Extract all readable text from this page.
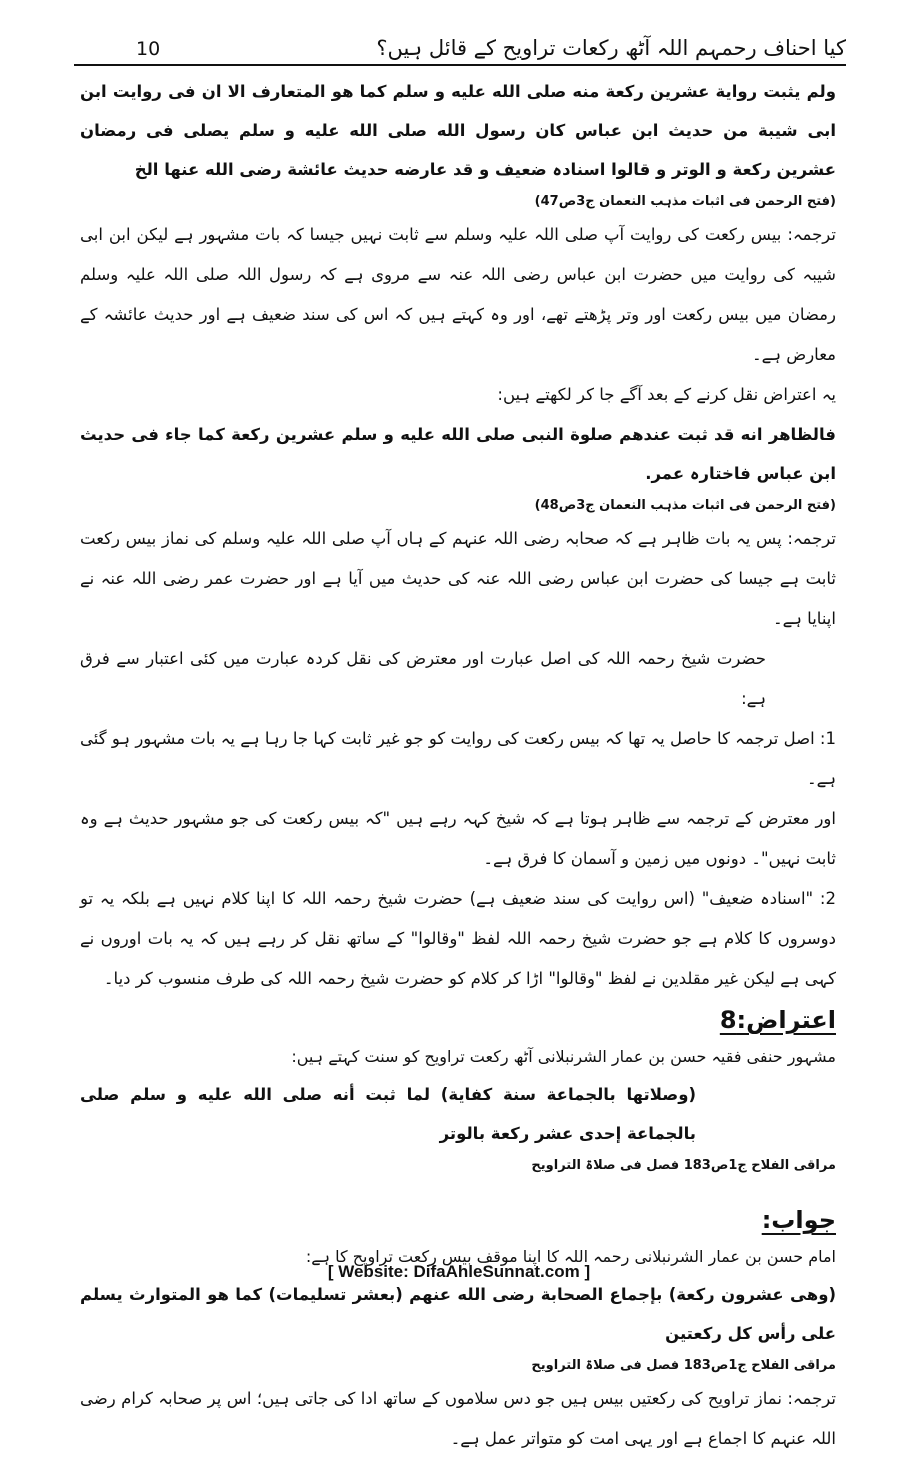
10	کیا احناف رحمہم اللہ آٹھ رکعات تراویح کے قائل ہیں؟

ولم یثبت روایة عشرین رکعة منه صلی الله علیه و سلم کما هو المتعارف الا ان فی روایت ابن ابی شیبة من حدیث ابن عباس کان رسول الله صلی الله علیه و سلم یصلی فی رمضان عشرین رکعة و الوتر و قالوا اسنادہ ضعیف و قد عارضه حدیث عائشة رضی الله عنها الخ

(فتح الرحمن فی اثبات مذہب النعمان ج3ص47)

ترجمہ: بیس رکعت کی روایت آپ صلی اللہ علیہ وسلم سے ثابت نہیں جیسا کہ بات مشہور ہے لیکن ابن ابی شیبہ کی روایت میں حضرت ابن عباس رضی اللہ عنہ سے مروی ہے کہ رسول اللہ صلی اللہ علیہ وسلم رمضان میں بیس رکعت اور وتر پڑھتے تھے، اور وہ کہتے ہیں کہ اس کی سند ضعیف ہے اور حدیث عائشہ کے معارض ہے۔

یہ اعتراض نقل کرنے کے بعد آگے جا کر لکھتے ہیں:

فالظاهر انه قد ثبت عندهم صلوة النبی صلی الله علیه و سلم عشرین رکعة کما جاء فی حدیث ابن عباس فاختارہ عمر.

(فتح الرحمن فی اثبات مذہب النعمان ج3ص48)

ترجمہ: پس یہ بات ظاہر ہے کہ صحابہ رضی اللہ عنہم کے ہاں آپ صلی اللہ علیہ وسلم کی نماز بیس رکعت ثابت ہے جیسا کی حضرت ابن عباس رضی اللہ عنہ کی حدیث میں آیا ہے اور حضرت عمر رضی اللہ عنہ نے اپنایا ہے۔

حضرت شیخ رحمہ اللہ کی اصل عبارت اور معترض کی نقل کردہ عبارت میں کئی اعتبار سے فرق ہے:

1: اصل ترجمہ کا حاصل یہ تھا کہ بیس رکعت کی روایت کو جو غیر ثابت کہا جا رہا ہے یہ بات مشہور ہو گئی ہے۔

اور معترض کے ترجمہ سے ظاہر ہوتا ہے کہ شیخ کہہ رہے ہیں "کہ بیس رکعت کی جو مشہور حدیث ہے وہ ثابت نہیں"۔ دونوں میں زمین و آسمان کا فرق ہے۔

2: "اسنادہ ضعیف" (اس روایت کی سند ضعیف ہے) حضرت شیخ رحمہ اللہ کا اپنا کلام نہیں ہے بلکہ یہ تو دوسروں کا کلام ہے جو حضرت شیخ رحمہ اللہ لفظ "وقالوا" کے ساتھ نقل کر رہے ہیں کہ یہ بات اوروں نے کہی ہے لیکن غیر مقلدین نے لفظ "وقالوا" اڑا کر کلام کو حضرت شیخ رحمہ اللہ کی طرف منسوب کر دیا۔

اعتراض:8

مشہور حنفی فقیہ حسن بن عمار الشرنبلانی آٹھ رکعت تراویح کو سنت کہتے ہیں:

(وصلاتها بالجماعة سنة کفایة) لما ثبت أنه صلی الله علیه و سلم صلی بالجماعة إحدی عشر رکعة بالوتر

مراقی الفلاح ج1ص183 فصل فی صلاۃ التراویح

جواب:

امام حسن بن عمار الشرنبلانی رحمہ اللہ کا اپنا موقف بیس رکعت تراویح کا ہے:

(وهی عشرون رکعة) بإجماع الصحابة رضی الله عنهم (بعشر تسلیمات) کما هو المتوارث یسلم علی رأس کل رکعتین

مراقی الفلاح ج1ص183 فصل فی صلاۃ التراویح

ترجمہ: نماز تراویح کی رکعتیں بیس ہیں جو دس سلاموں کے ساتھ ادا کی جاتی ہیں؛ اس پر صحابہ کرام رضی اللہ عنہم کا اجماع ہے اور یہی امت کو متواتر عمل ہے۔

[ Website: DifaAhleSunnat.com ]
